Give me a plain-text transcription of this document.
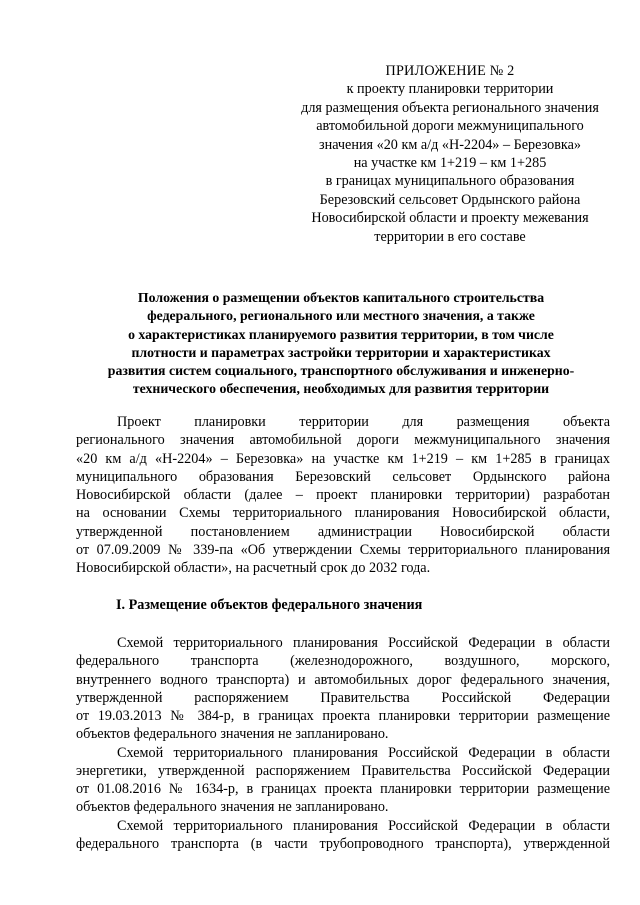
ПРИЛОЖЕНИЕ № 2
к проекту планировки территории
для размещения объекта регионального значения
автомобильной дороги межмуниципального
значения «20 км а/д «Н-2204» – Березовка»
на участке км 1+219 – км 1+285
в границах муниципального образования
Березовский сельсовет Ордынского района
Новосибирской области и проекту межевания
территории в его составе
Положения о размещении объектов капитального строительства
федерального, регионального или местного значения, а также
о характеристиках планируемого развития территории, в том числе
плотности и параметрах застройки территории и характеристиках
развития систем социального, транспортного обслуживания и инженерно-
технического обеспечения, необходимых для развития территории
Проект планировки территории для размещения объекта
регионального значения автомобильной дороги межмуниципального значения
«20 км а/д «Н-2204» – Березовка» на участке км 1+219 – км 1+285 в границах
муниципального образования Березовский сельсовет Ордынского района
Новосибирской области (далее – проект планировки территории) разработан
на основании Схемы территориального планирования Новосибирской области,
утвержденной постановлением администрации Новосибирской области
от 07.09.2009 № 339-па «Об утверждении Схемы территориального планирования
Новосибирской области», на расчетный срок до 2032 года.
I. Размещение объектов федерального значения
Схемой территориального планирования Российской Федерации в области
федерального транспорта (железнодорожного, воздушного, морского,
внутреннего водного транспорта) и автомобильных дорог федерального значения,
утвержденной распоряжением Правительства Российской Федерации
от 19.03.2013 № 384-р, в границах проекта планировки территории размещение
объектов федерального значения не запланировано.
Схемой территориального планирования Российской Федерации в области
энергетики, утвержденной распоряжением Правительства Российской Федерации
от 01.08.2016 № 1634-р, в границах проекта планировки территории размещение
объектов федерального значения не запланировано.
Схемой территориального планирования Российской Федерации в области
федерального транспорта (в части трубопроводного транспорта), утвержденной
